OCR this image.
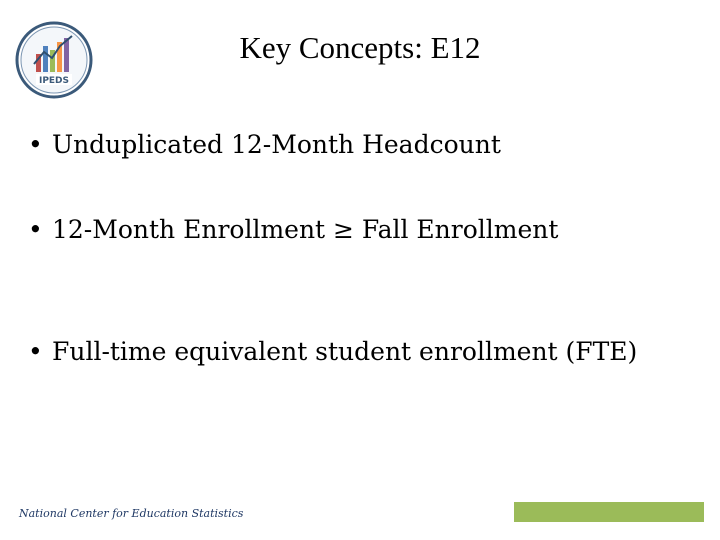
IPEDS
Key Concepts: E12
• Unduplicated 12-Month Headcount
• 12-Month Enrollment ≥ Fall Enrollment
• Full-time equivalent student enrollment (FTE)
National Center for Education Statistics
